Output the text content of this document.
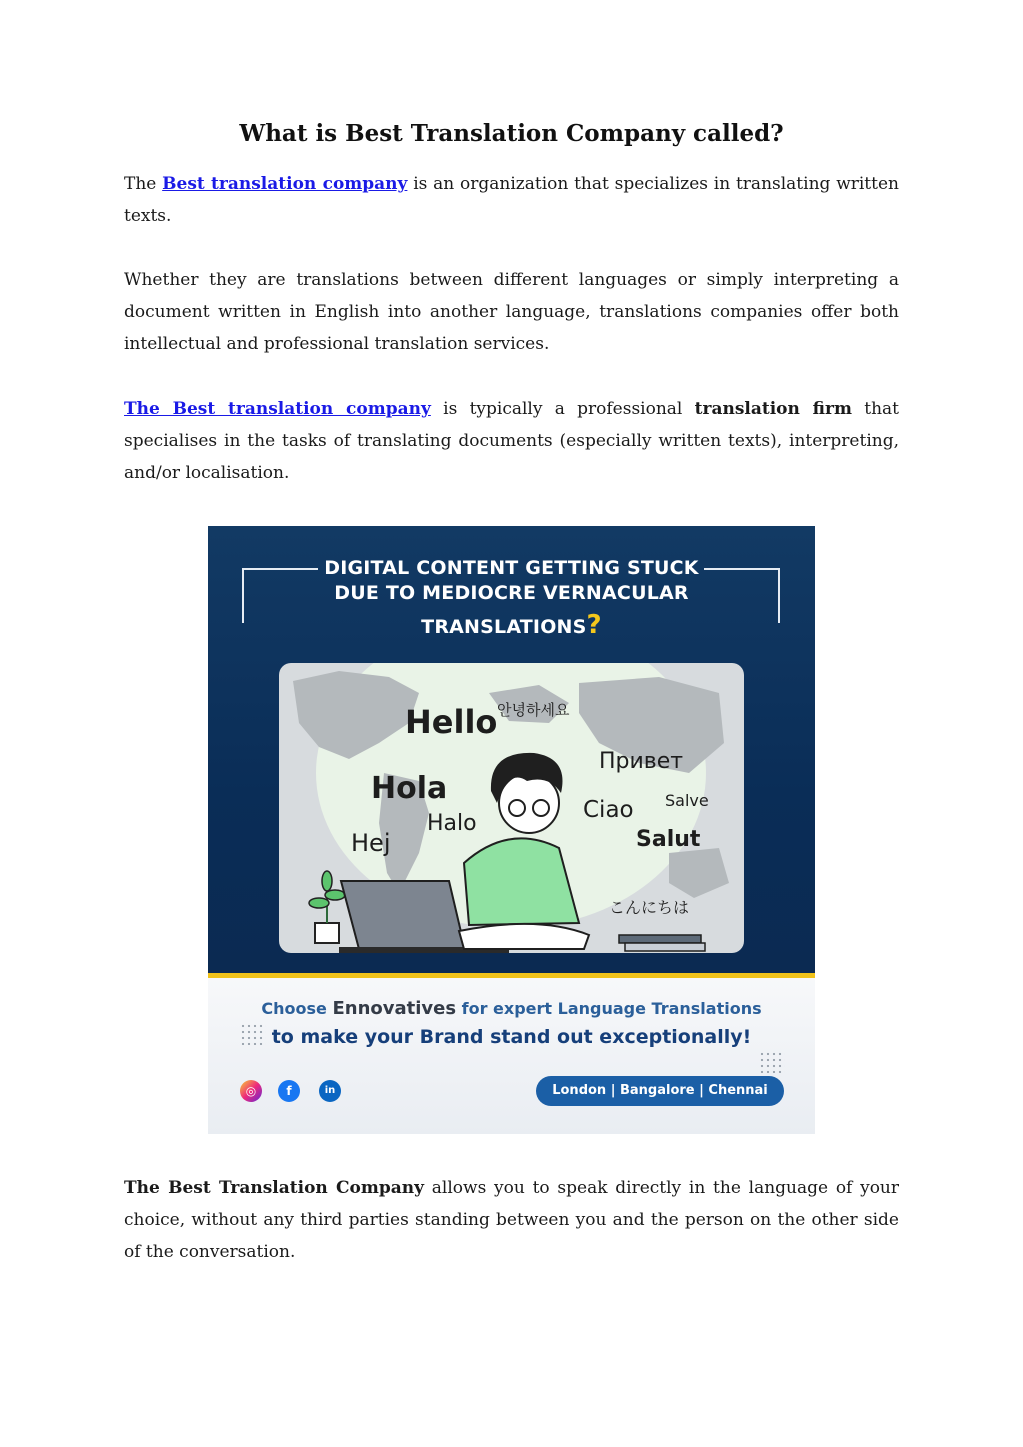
What is Best Translation Company called?

The Best translation company is an organization that specializes in translating written texts.

Whether they are translations between different languages or simply interpreting a document written in English into another language, translations companies offer both intellectual and professional translation services.

The Best translation company is typically a professional translation firm that specialises in the tasks of translating documents (especially written texts), interpreting, and/or localisation.

DIGITAL CONTENT GETTING STUCK
DUE TO MEDIOCRE VERNACULAR
TRANSLATIONS?
안녕하세요
Hello
Привет
Hola	Salve
Ciao
Halo
Hej	Salut
こんにちは
Choose Ennovatives for expert Language Translations
to make your Brand stand out exceptionally!
◎	f	in	London | Bangalore | Chennai

The Best Translation Company allows you to speak directly in the language of your choice, without any third parties standing between you and the person on the other side of the conversation.
